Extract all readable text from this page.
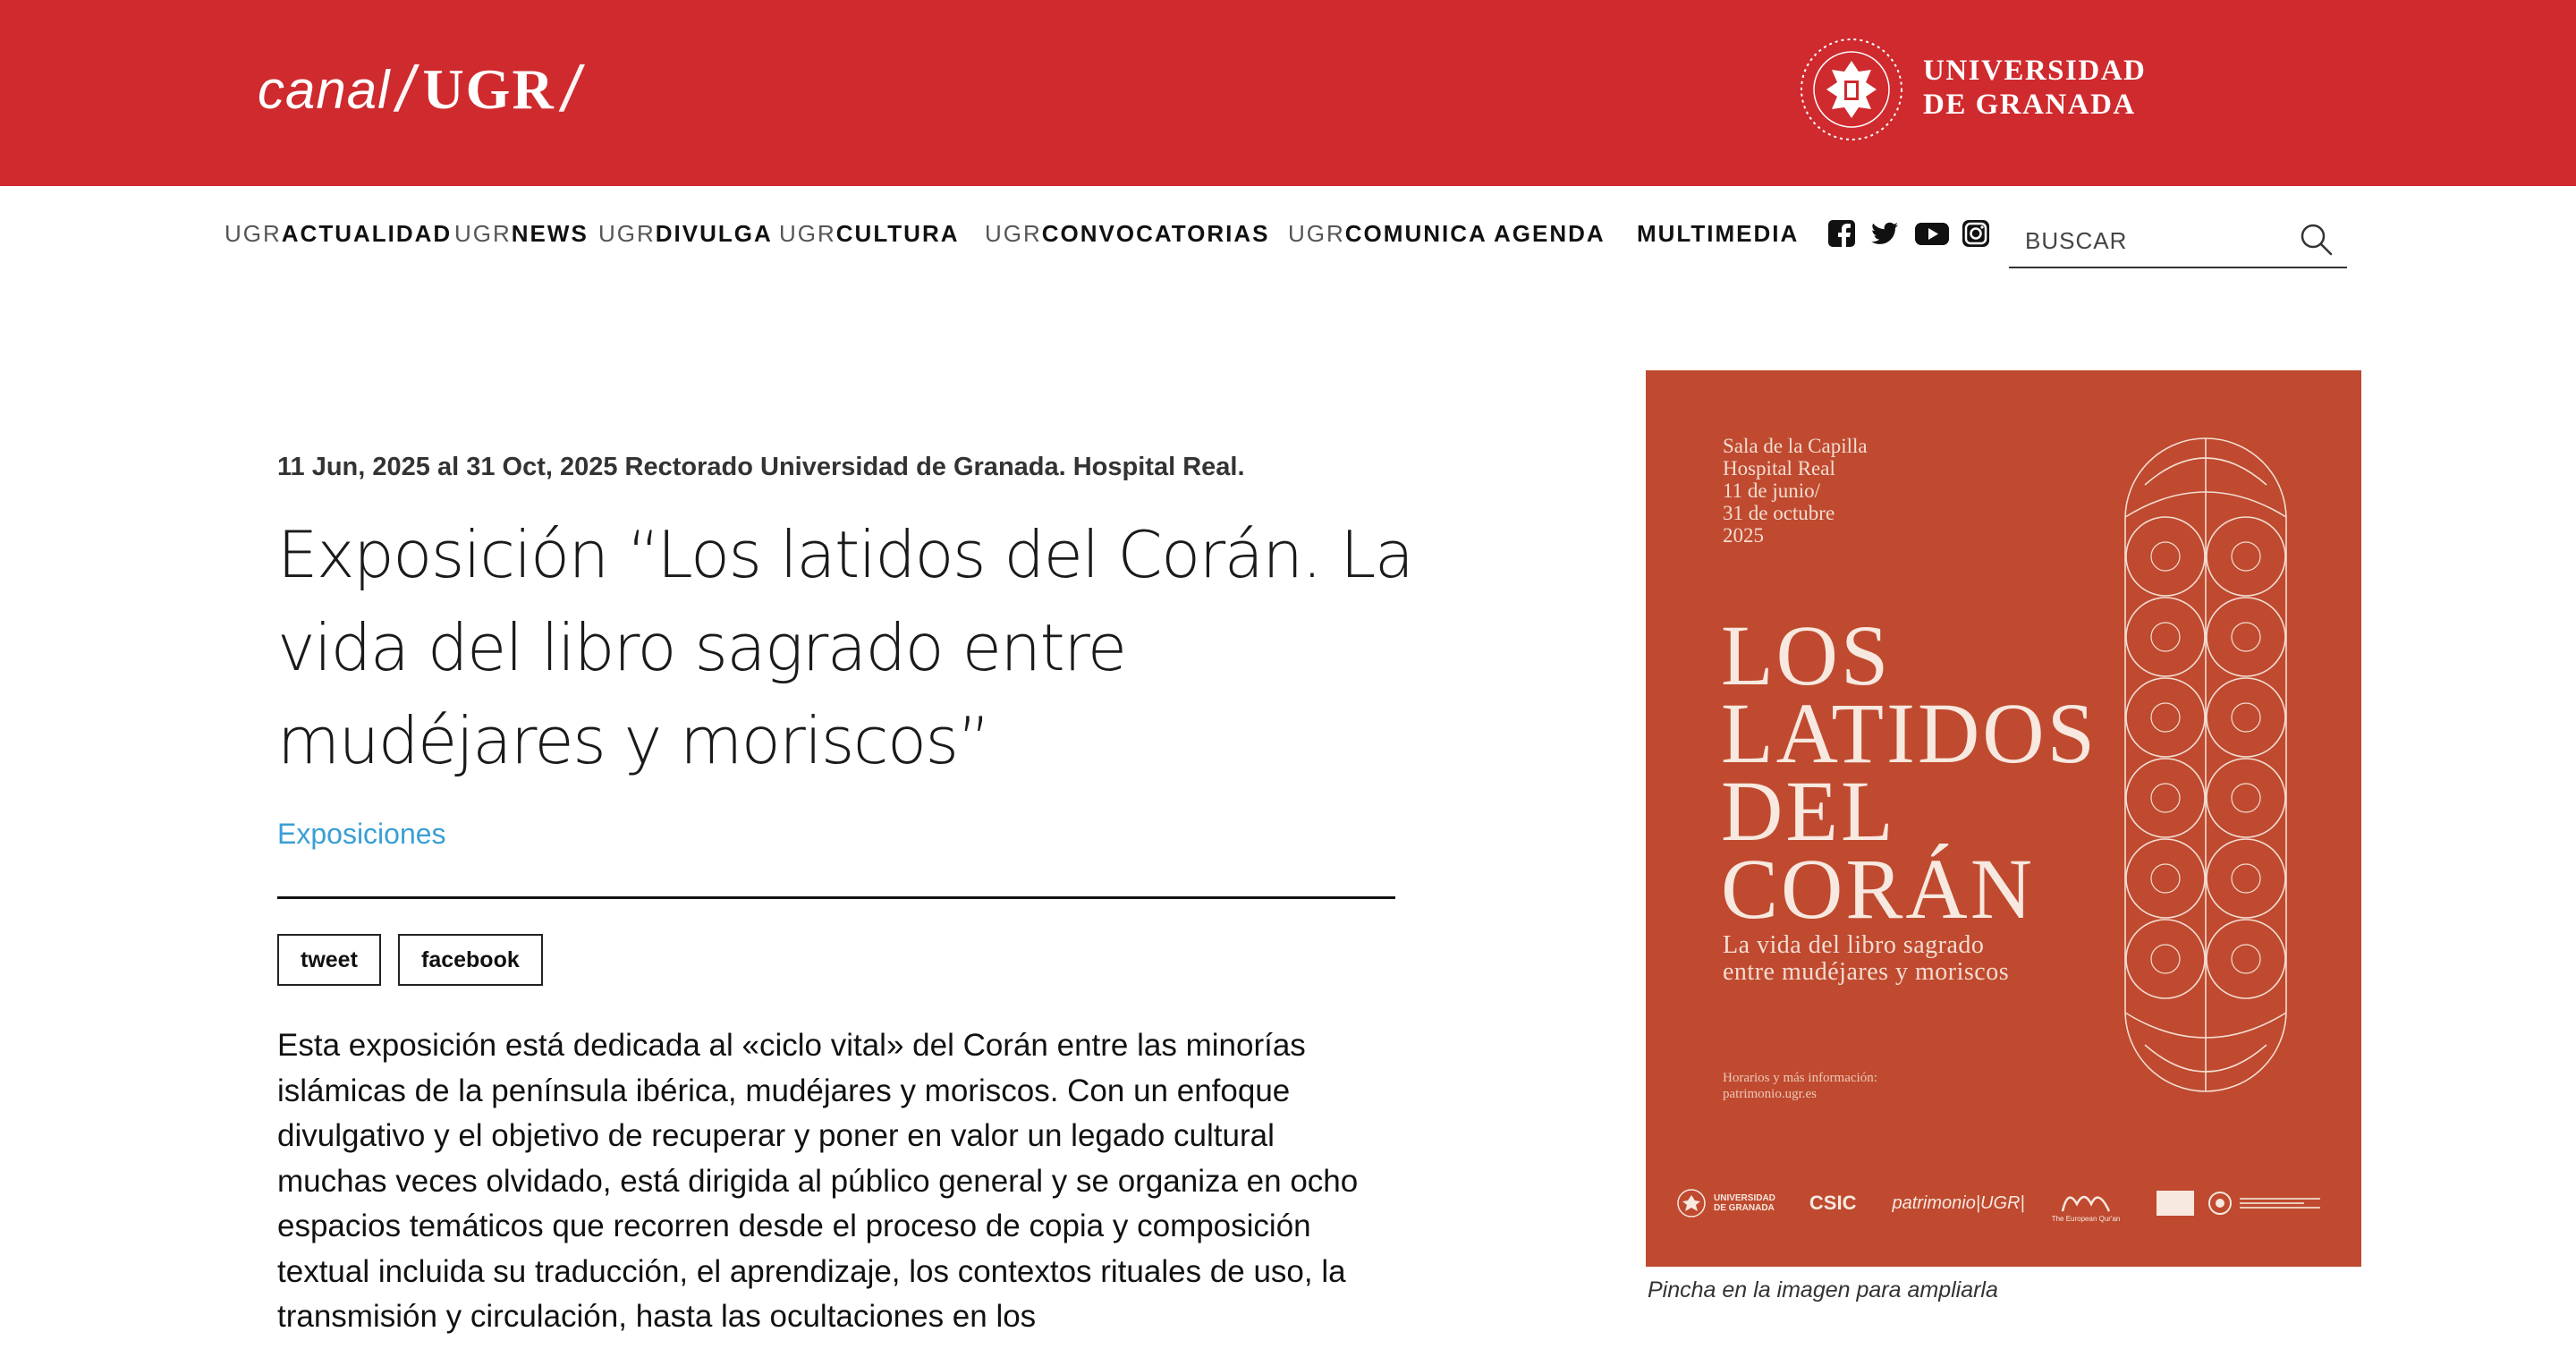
canal / UGR /	UNIVERSIDAD
DE GRANADA
UGRACTUALIDAD UGRNEWS UGRDIVULGA UGRCULTURA UGRCONVOCATORIAS UGRCOMUNICA AGENDA MULTIMEDIA
BUSCAR
11 Jun, 2025 al 31 Oct, 2025 Rectorado Universidad de Granada. Hospital Real.
Exposición “Los latidos del Corán. La vida del libro sagrado entre mudéjares y moriscos”
Exposiciones
tweet	facebook

Esta exposición está dedicada al «ciclo vital» del Corán entre las minorías islámicas de la península ibérica, mudéjares y moriscos. Con un enfoque divulgativo y el objetivo de recuperar y poner en valor un legado cultural muchas veces olvidado, está dirigida al público general y se organiza en ocho espacios temáticos que recorren desde el proceso de copia y composición textual incluida su traducción, el aprendizaje, los contextos rituales de uso, la transmisión y circulación, hasta las ocultaciones en los

Sala de la Capilla
Hospital Real
11 de junio/
31 de octubre
2025
LOS
LATIDOS
DEL
CORÁN
La vida del libro sagrado
entre mudéjares y moriscos
Horarios y más información:
patrimonio.ugr.es
UNIVERSIDAD
DE GRANADA CSIC patrimonio|UGR|
The European Qur'an
Pincha en la imagen para ampliarla
